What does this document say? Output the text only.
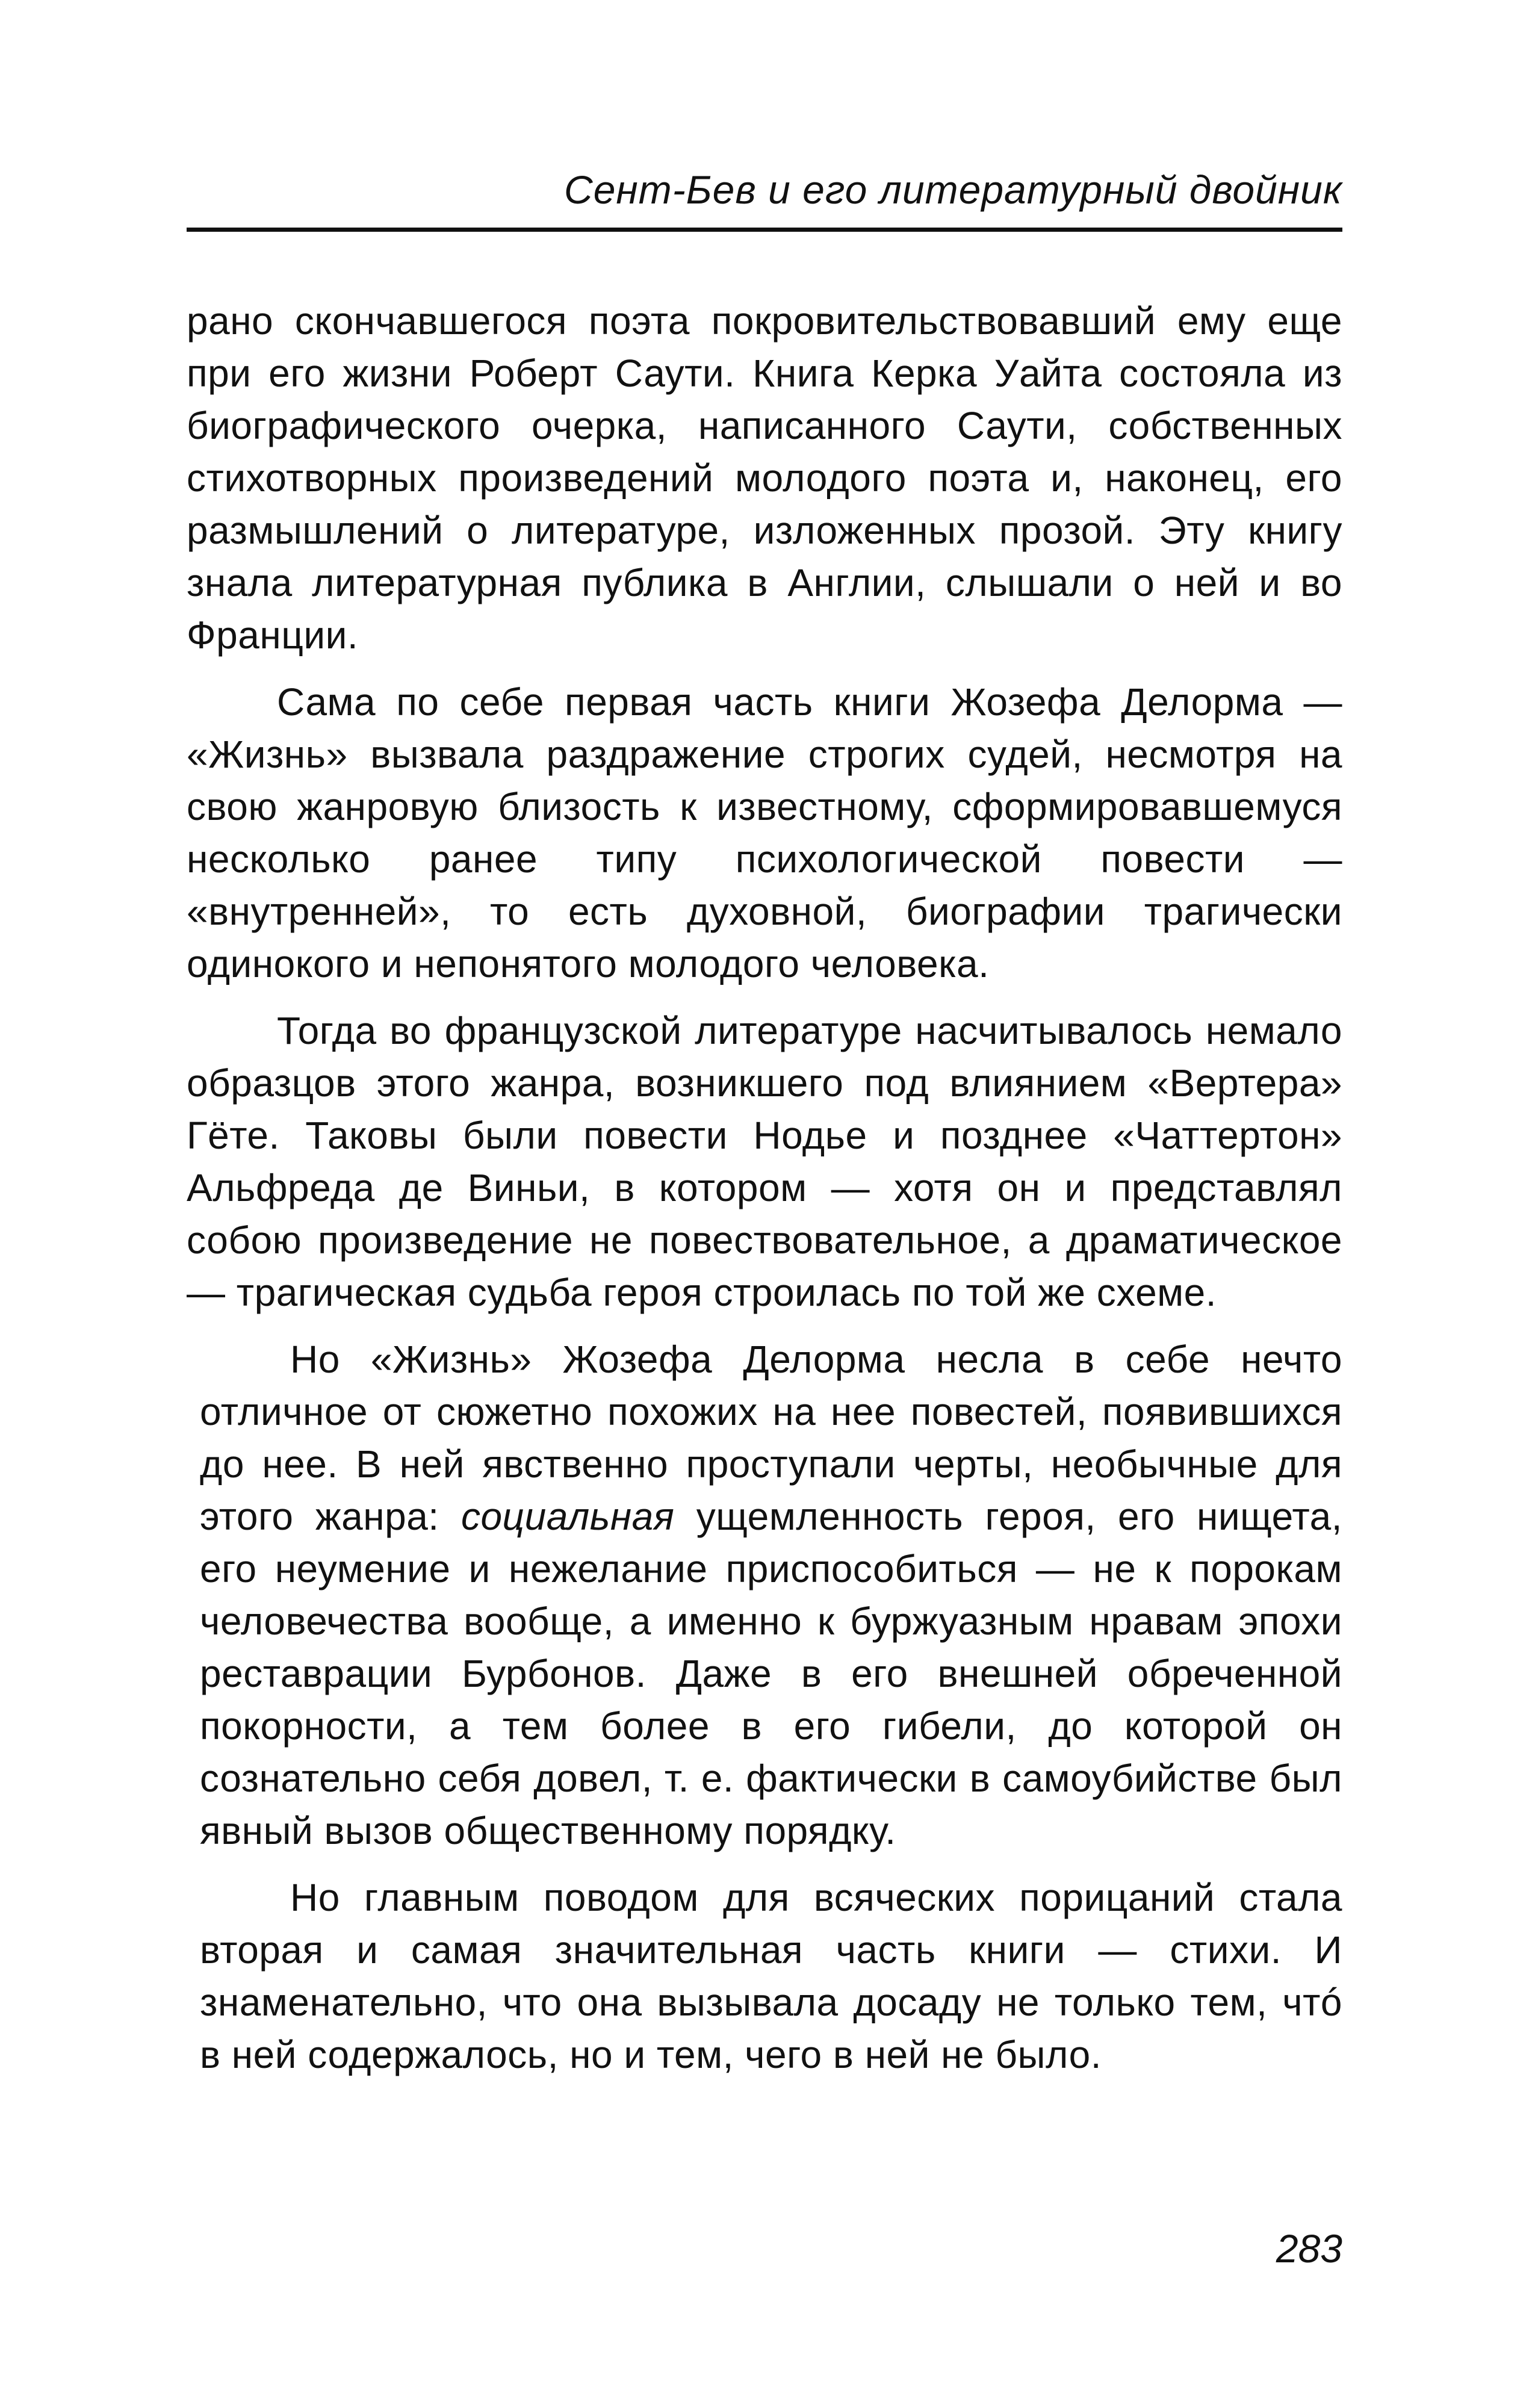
Сент-Бев и его литературный двойник

рано скончавшегося поэта покровительствовавший ему еще при его жизни Роберт Саути. Книга Керка Уайта состояла из биографического очерка, написанного Саути, собственных стихотворных произведений молодого поэта и, наконец, его размышлений о литературе, изложенных прозой. Эту книгу знала литературная публика в Англии, слышали о ней и во Франции.

Сама по себе первая часть книги Жозефа Делорма — «Жизнь» вызвала раздражение строгих судей, несмотря на свою жанровую близость к известному, сформировавшемуся несколько ранее типу психологической повести — «внутренней», то есть духовной, биографии трагически одинокого и непонятого молодого человека.

Тогда во французской литературе насчитывалось немало образцов этого жанра, возникшего под влиянием «Вертера» Гёте. Таковы были повести Нодье и позднее «Чаттертон» Альфреда де Виньи, в котором — хотя он и представлял собою произведение не повествовательное, а драматическое — трагическая судьба героя строилась по той же схеме.

Но «Жизнь» Жозефа Делорма несла в себе нечто отличное от сюжетно похожих на нее повестей, появившихся до нее. В ней явственно проступали черты, необычные для этого жанра: социальная ущемленность героя, его нищета, его неумение и нежелание приспособиться — не к порокам человечества вообще, а именно к буржуазным нравам эпохи реставрации Бурбонов. Даже в его внешней обреченной покорности, а тем более в его гибели, до которой он сознательно себя довел, т. е. фактически в самоубийстве был явный вызов общественному порядку.

Но главным поводом для всяческих порицаний стала вторая и самая значительная часть книги — стихи. И знаменательно, что она вызывала досаду не только тем, чтó в ней содержалось, но и тем, чего в ней не было.

283
